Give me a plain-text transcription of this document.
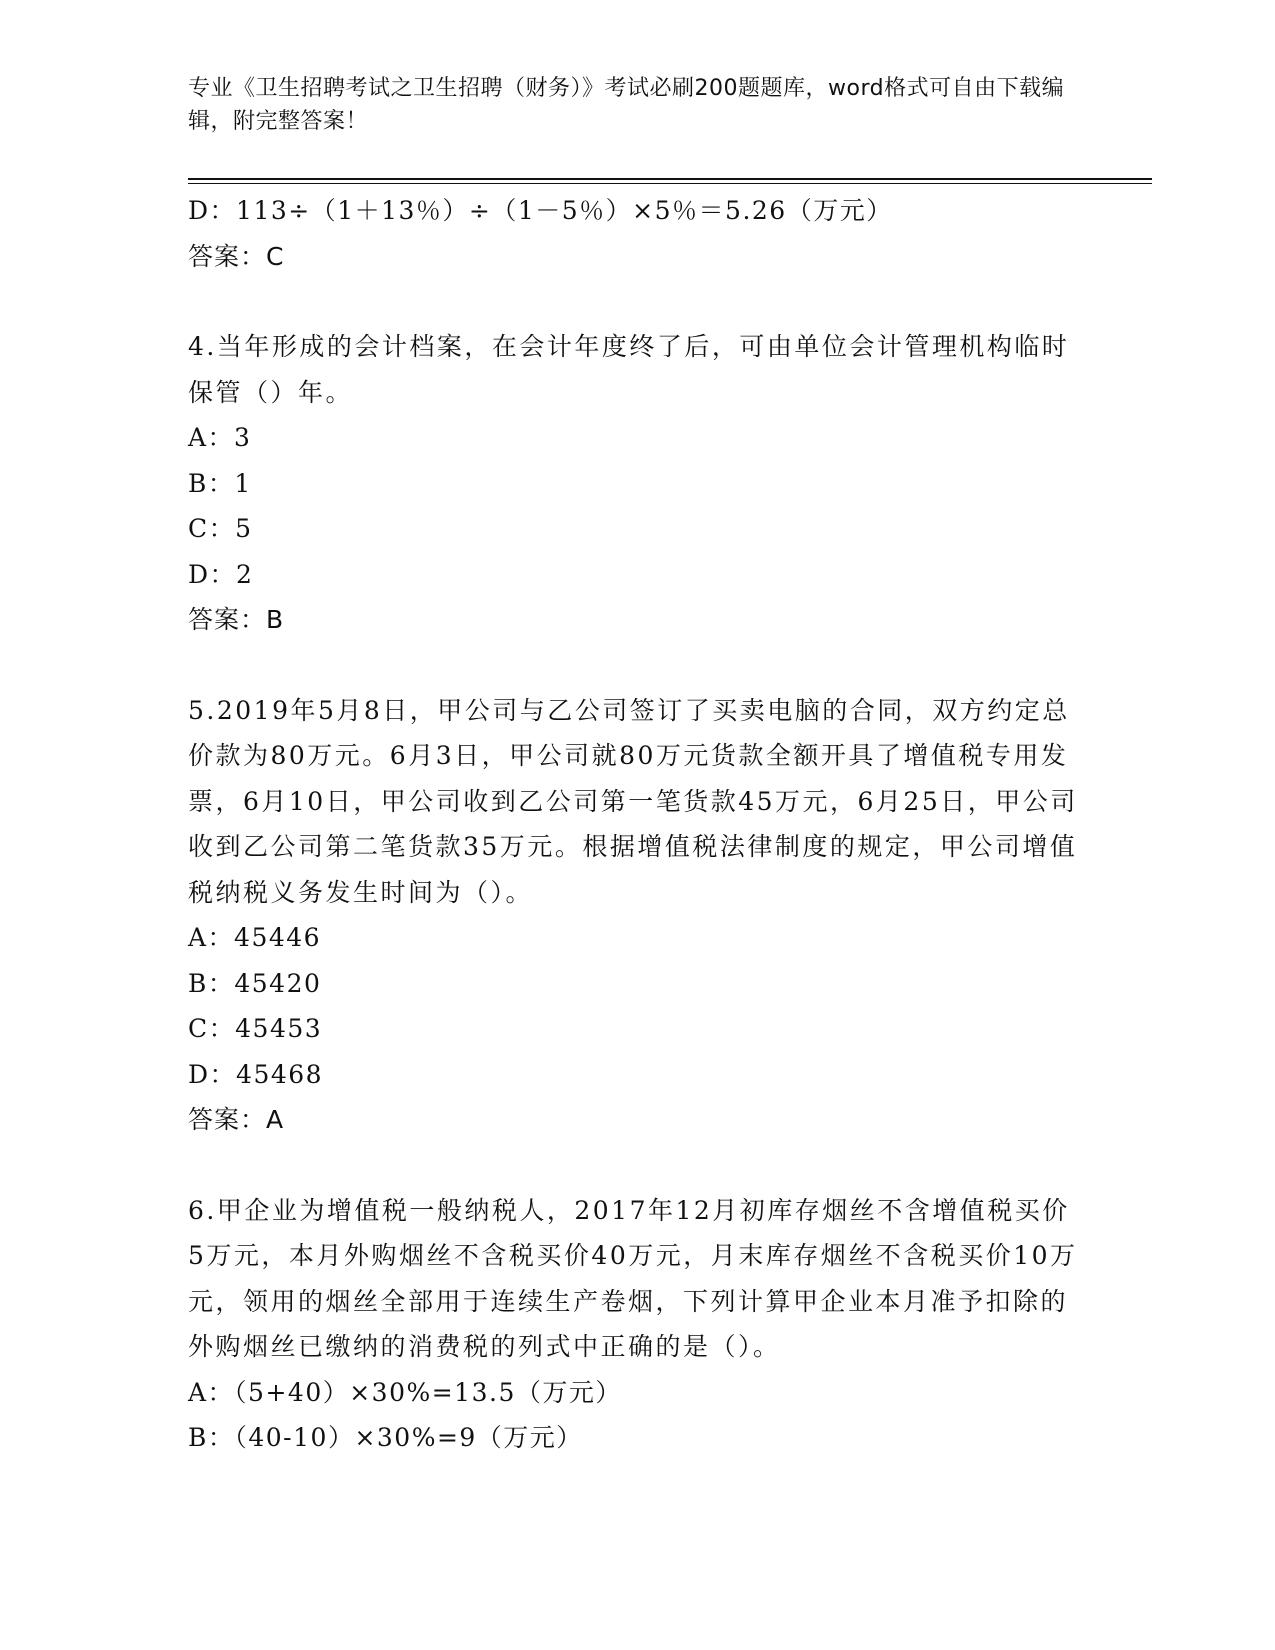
专业《卫生招聘考试之卫生招聘（财务）》考试必刷200题题库，word格式可自由下载编辑，附完整答案！
D：113÷（1＋13％）÷（1－5％）×5％＝5.26（万元）
答案：C
4.当年形成的会计档案，在会计年度终了后，可由单位会计管理机构临时保管（）年。
A：3
B：1
C：5
D：2
答案：B
5.2019年5月8日，甲公司与乙公司签订了买卖电脑的合同，双方约定总价款为80万元。6月3日，甲公司就80万元货款全额开具了增值税专用发票，6月10日，甲公司收到乙公司第一笔货款45万元，6月25日，甲公司收到乙公司第二笔货款35万元。根据增值税法律制度的规定，甲公司增值税纳税义务发生时间为（）。
A：45446
B：45420
C：45453
D：45468
答案：A
6.甲企业为增值税一般纳税人，2017年12月初库存烟丝不含增值税买价5万元，本月外购烟丝不含税买价40万元，月末库存烟丝不含税买价10万元，领用的烟丝全部用于连续生产卷烟，下列计算甲企业本月准予扣除的外购烟丝已缴纳的消费税的列式中正确的是（）。
A：（5+40）×30%=13.5（万元）
B：（40-10）×30%=9（万元）
